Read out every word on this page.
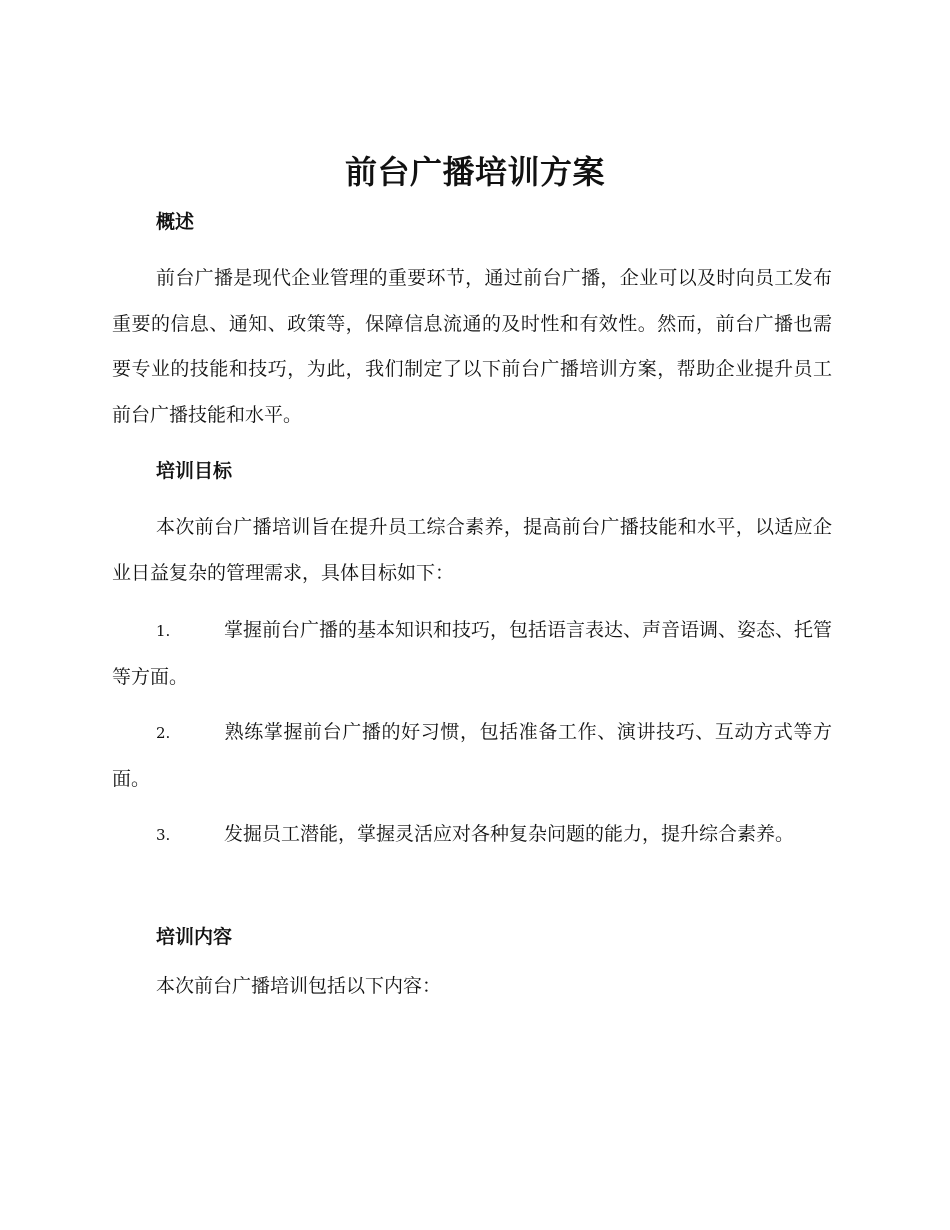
前台广播培训方案
概述

前台广播是现代企业管理的重要环节，通过前台广播，企业可以及时向员工发布重要的信息、通知、政策等，保障信息流通的及时性和有效性。然而，前台广播也需要专业的技能和技巧，为此，我们制定了以下前台广播培训方案，帮助企业提升员工前台广播技能和水平。

培训目标

本次前台广播培训旨在提升员工综合素养，提高前台广播技能和水平，以适应企业日益复杂的管理需求，具体目标如下：

1.	掌握前台广播的基本知识和技巧，包括语言表达、声音语调、姿态、托管等方面。

2.	熟练掌握前台广播的好习惯，包括准备工作、演讲技巧、互动方式等方面。

3.	发掘员工潜能，掌握灵活应对各种复杂问题的能力，提升综合素养。

培训内容

本次前台广播培训包括以下内容：
